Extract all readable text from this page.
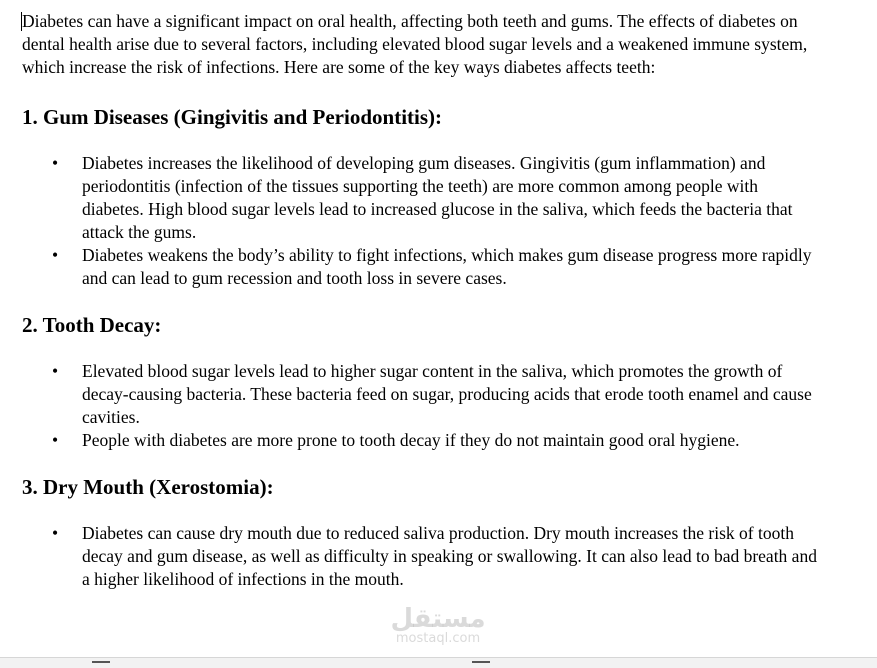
Diabetes can have a significant impact on oral health, affecting both teeth and gums. The effects of diabetes on dental health arise due to several factors, including elevated blood sugar levels and a weakened immune system, which increase the risk of infections. Here are some of the key ways diabetes affects teeth:

1. Gum Diseases (Gingivitis and Periodontitis):
• Diabetes increases the likelihood of developing gum diseases. Gingivitis (gum inflammation) and periodontitis (infection of the tissues supporting the teeth) are more common among people with diabetes. High blood sugar levels lead to increased glucose in the saliva, which feeds the bacteria that attack the gums.
• Diabetes weakens the body’s ability to fight infections, which makes gum disease progress more rapidly and can lead to gum recession and tooth loss in severe cases.
2. Tooth Decay:
• Elevated blood sugar levels lead to higher sugar content in the saliva, which promotes the growth of decay-causing bacteria. These bacteria feed on sugar, producing acids that erode tooth enamel and cause cavities.
• People with diabetes are more prone to tooth decay if they do not maintain good oral hygiene.
3. Dry Mouth (Xerostomia):
• Diabetes can cause dry mouth due to reduced saliva production. Dry mouth increases the risk of tooth decay and gum disease, as well as difficulty in speaking or swallowing. It can also lead to bad breath and a higher likelihood of infections in the mouth.
مستقل
mostaql.com
